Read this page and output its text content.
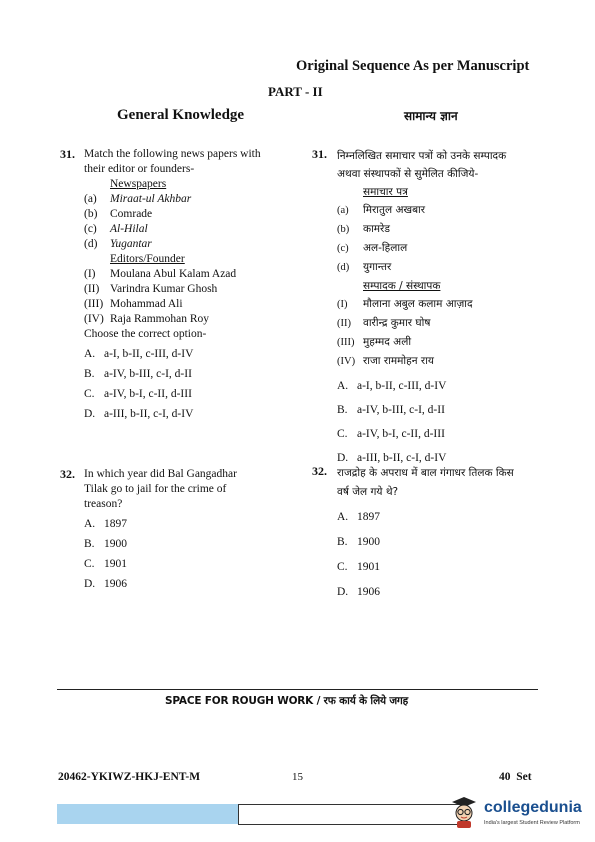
Original Sequence As per Manuscript
PART - II
General Knowledge	सामान्य ज्ञान
31. Match the following news papers with
their editor or founders-
Newspapers
(a) Miraat-ul Akhbar
(b) Comrade
(c) Al-Hilal
(d) Yugantar
Editors/Founder
(I) Moulana Abul Kalam Azad
(II) Varindra Kumar Ghosh
(III) Mohammad Ali
(IV) Raja Rammohan Roy
Choose the correct option-
A. a-I, b-II, c-III, d-IV
B. a-IV, b-III, c-I, d-II
C. a-IV, b-I, c-II, d-III
D. a-III, b-II, c-I, d-IV
31. निम्नलिखित समाचार पत्रों को उनके सम्पादक
अथवा संस्थापकों से सुमेलित कीजिये-
समाचार पत्र
(a) मिरातुल अखबार
(b) कामरेड
(c) अल-हिलाल
(d) युगान्तर
सम्पादक / संस्थापक
(I) मौलाना अबुल कलाम आज़ाद
(II) वारीन्द्र कुमार घोष
(III) मुहम्मद अली
(IV) राजा राममोहन राय
A. a-I, b-II, c-III, d-IV
B. a-IV, b-III, c-I, d-II
C. a-IV, b-I, c-II, d-III
D. a-III, b-II, c-I, d-IV
32. In which year did Bal Gangadhar
Tilak go to jail for the crime of
treason?
A. 1897
B. 1900
C. 1901
D. 1906
32. राजद्रोह के अपराध में बाल गंगाधर तिलक किस
वर्ष जेल गये थे?
A. 1897
B. 1900
C. 1901
D. 1906
SPACE FOR ROUGH WORK / रफ कार्य के लिये जगह
20462-YKIWZ-HKJ-ENT-M	15	40  Set
collegedunia
India's largest Student Review Platform
